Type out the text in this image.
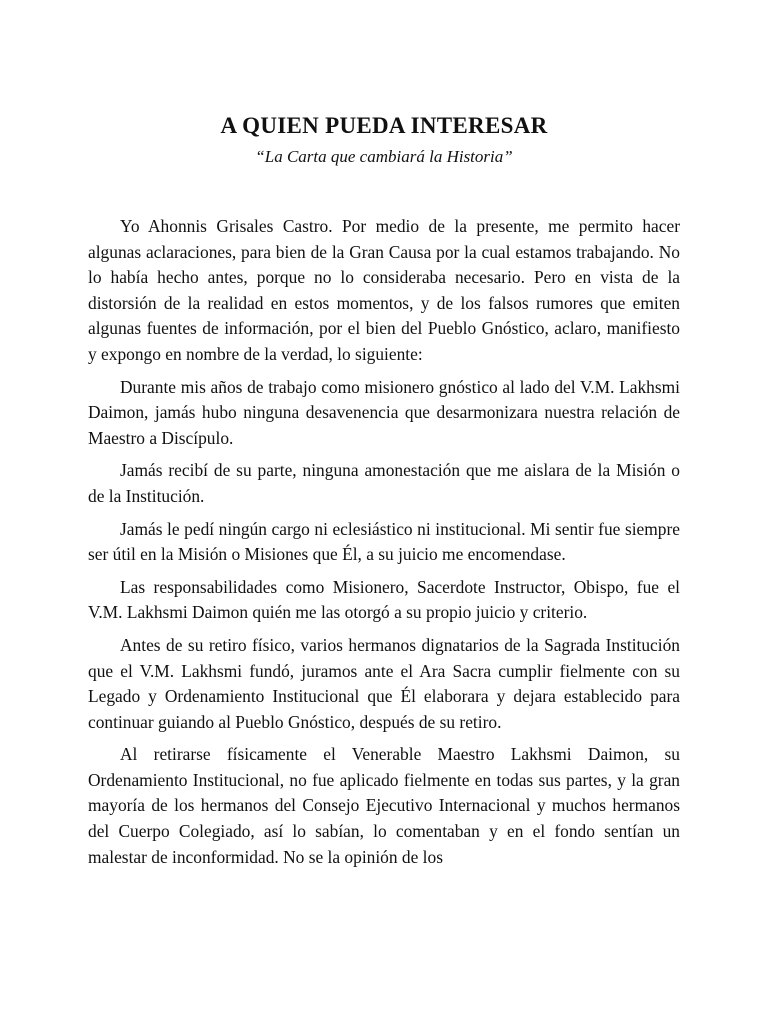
A QUIEN PUEDA INTERESAR
“La Carta que cambiará la Historia”

Yo Ahonnis Grisales Castro. Por medio de la presente, me permito hacer algunas aclaraciones, para bien de la Gran Causa por la cual estamos trabajando. No lo había hecho antes, porque no lo consideraba necesario. Pero en vista de la distorsión de la realidad en estos momentos, y de los falsos rumores que emiten algunas fuentes de información, por el bien del Pueblo Gnóstico, aclaro, manifiesto y expongo en nombre de la verdad, lo siguiente:

Durante mis años de trabajo como misionero gnóstico al lado del V.M. Lakhsmi Daimon, jamás hubo ninguna desavenencia que desarmonizara nuestra relación de Maestro a Discípulo.

Jamás recibí de su parte, ninguna amonestación que me aislara de la Misión o de la Institución.

Jamás le pedí ningún cargo ni eclesiástico ni institucional. Mi sentir fue siempre ser útil en la Misión o Misiones que Él, a su juicio me encomendase.

Las responsabilidades como Misionero, Sacerdote Instructor, Obispo, fue el V.M. Lakhsmi Daimon quién me las otorgó a su propio juicio y criterio.

Antes de su retiro físico, varios hermanos dignatarios de la Sagrada Institución que el V.M. Lakhsmi fundó, juramos ante el Ara Sacra cumplir fielmente con su Legado y Ordenamiento Institucional que Él elaborara y dejara establecido para continuar guiando al Pueblo Gnóstico, después de su retiro.

Al retirarse físicamente el Venerable Maestro Lakhsmi Daimon, su Ordenamiento Institucional, no fue aplicado fielmente en todas sus partes, y la gran mayoría de los hermanos del Consejo Ejecutivo Internacional y muchos hermanos del Cuerpo Colegiado, así lo sabían, lo comentaban y en el fondo sentían un malestar de inconformidad. No se la opinión de los
